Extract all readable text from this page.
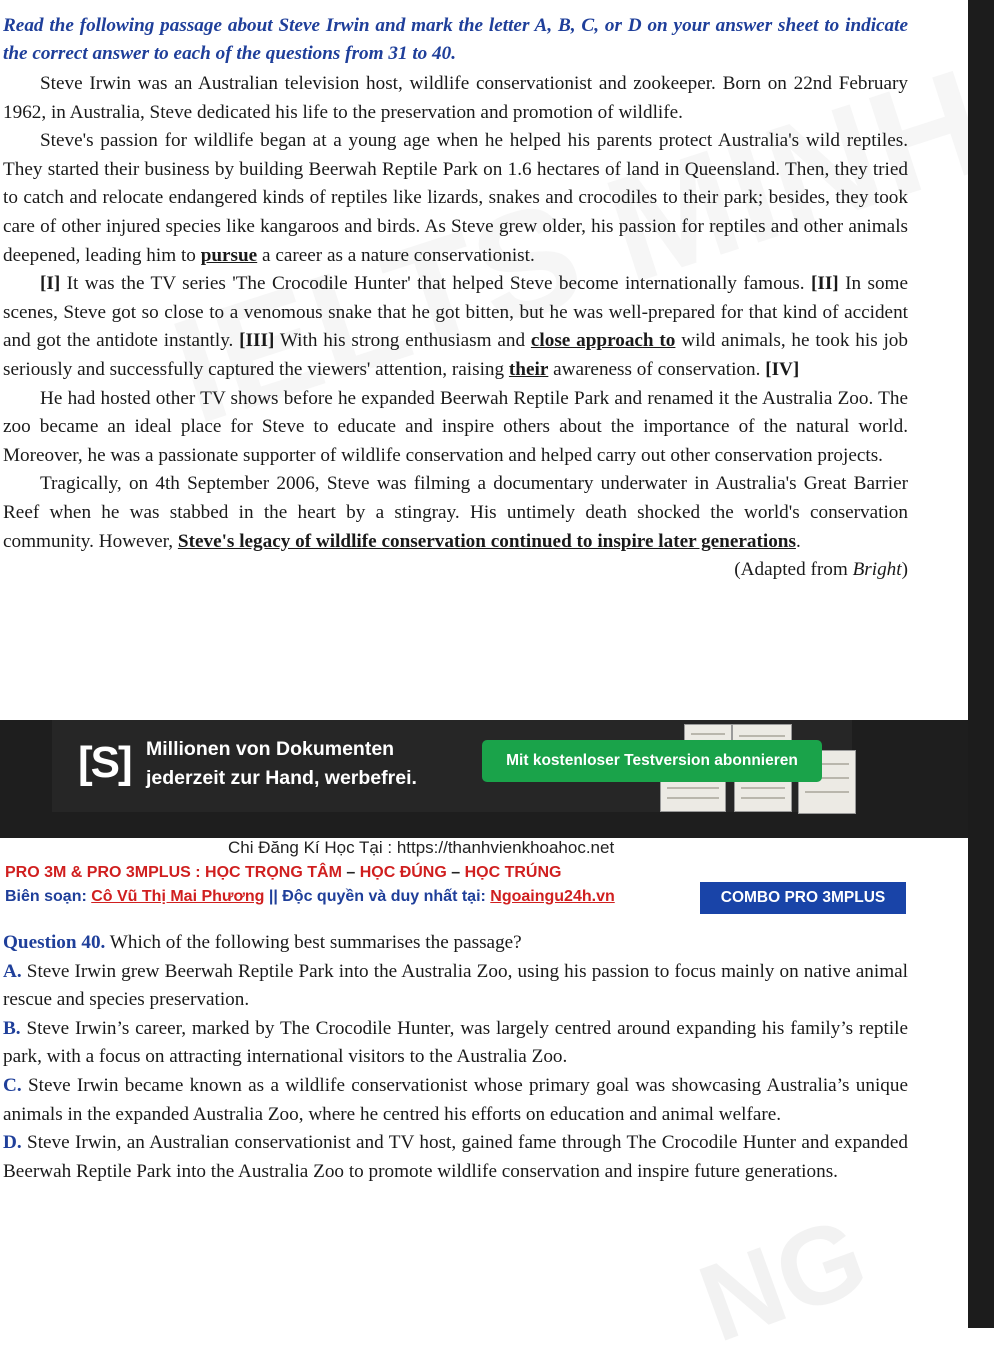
Read the following passage about Steve Irwin and mark the letter A, B, C, or D on your answer sheet to indicate the correct answer to each of the questions from 31 to 40.

Steve Irwin was an Australian television host, wildlife conservationist and zookeeper. Born on 22nd February 1962, in Australia, Steve dedicated his life to the preservation and promotion of wildlife.

Steve's passion for wildlife began at a young age when he helped his parents protect Australia's wild reptiles. They started their business by building Beerwah Reptile Park on 1.6 hectares of land in Queensland. Then, they tried to catch and relocate endangered kinds of reptiles like lizards, snakes and crocodiles to their park; besides, they took care of other injured species like kangaroos and birds. As Steve grew older, his passion for reptiles and other animals deepened, leading him to pursue a career as a nature conservationist.

[I] It was the TV series 'The Crocodile Hunter' that helped Steve become internationally famous. [II] In some scenes, Steve got so close to a venomous snake that he got bitten, but he was well-prepared for that kind of accident and got the antidote instantly. [III] With his strong enthusiasm and close approach to wild animals, he took his job seriously and successfully captured the viewers' attention, raising their awareness of conservation. [IV]

He had hosted other TV shows before he expanded Beerwah Reptile Park and renamed it the Australia Zoo. The zoo became an ideal place for Steve to educate and inspire others about the importance of the natural world. Moreover, he was a passionate supporter of wildlife conservation and helped carry out other conservation projects.

Tragically, on 4th September 2006, Steve was filming a documentary underwater in Australia's Great Barrier Reef when he was stabbed in the heart by a stingray. His untimely death shocked the world's conservation community. However, Steve's legacy of wildlife conservation continued to inspire later generations.

(Adapted from Bright)

[S] Millionen von Dokumenten
jederzeit zur Hand, werbefrei.
Mit kostenloser Testversion abonnieren
Chi Đăng Kí Học Tại : https://thanhvienkhoahoc.net
PRO 3M & PRO 3MPLUS : HỌC TRỌNG TÂM – HỌC ĐÚNG – HỌC TRÚNG
Biên soạn: Cô Vũ Thị Mai Phương || Độc quyền và duy nhất tại: Ngoaingu24h.vn	COMBO PRO 3MPLUS

Question 40. Which of the following best summarises the passage?

A. Steve Irwin grew Beerwah Reptile Park into the Australia Zoo, using his passion to focus mainly on native animal rescue and species preservation.

B. Steve Irwin’s career, marked by The Crocodile Hunter, was largely centred around expanding his family’s reptile park, with a focus on attracting international visitors to the Australia Zoo.

C. Steve Irwin became known as a wildlife conservationist whose primary goal was showcasing Australia’s unique animals in the expanded Australia Zoo, where he centred his efforts on education and animal welfare.

D. Steve Irwin, an Australian conservationist and TV host, gained fame through The Crocodile Hunter and expanded Beerwah Reptile Park into the Australia Zoo to promote wildlife conservation and inspire future generations.

NG
